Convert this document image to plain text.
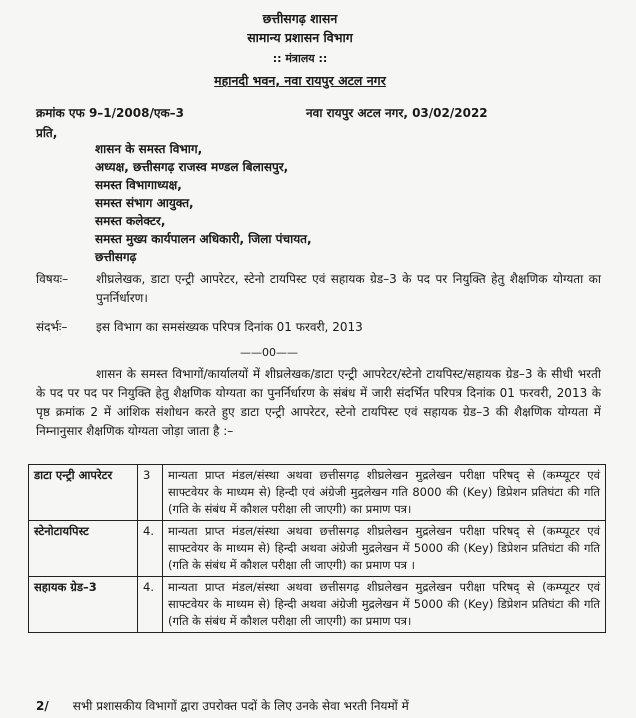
छत्तीसगढ़ शासन
सामान्य प्रशासन विभाग
:: मंत्रालय ::
महानदी भवन, नवा रायपुर अटल नगर
क्रमांक एफ 9–1/2008/एक–3	नवा रायपुर अटल नगर, 03/02/2022
प्रति,
शासन के समस्त विभाग,
अध्यक्ष, छत्तीसगढ़ राजस्व मण्डल बिलासपुर,
समस्त विभागाध्यक्ष,
समस्त संभाग आयुक्त,
समस्त कलेक्टर,
समस्त मुख्य कार्यपालन अधिकारी, जिला पंचायत,
छत्तीसगढ़
विषयः– शीघ्रलेखक, डाटा एन्ट्री आपरेटर, स्टेनो टायपिस्ट एवं सहायक ग्रेड–3 के पद पर नियुक्ति हेतु शैक्षणिक योग्यता का पुनर्निर्धारण।
संदर्भः– इस विभाग का समसंख्यक परिपत्र दिनांक 01 फरवरी, 2013
——00——
शासन के समस्त विभागों/कार्यालयों में शीघ्रलेखक/डाटा एन्ट्री आपरेटर/स्टेनो टायपिस्ट/सहायक ग्रेड–3 के सीधी भरती के पद पर पद पर नियुक्ति हेतु शैक्षणिक योग्यता का पुनर्निर्धारण के संबंध में जारी संदर्भित परिपत्र दिनांक 01 फरवरी, 2013 के पृष्ठ क्रमांक 2 में आंशिक संशोधन करते हुए डाटा एन्ट्री आपरेटर, स्टेनो टायपिस्ट एवं सहायक ग्रेड–3 की शैक्षणिक योग्यता में निम्नानुसार शैक्षणिक योग्यता जोड़ा जाता है :–
डाटा एन्ट्री आपरेटर	3	मान्यता प्राप्त मंडल/संस्था अथवा छत्तीसगढ़ शीघ्रलेखन मुद्रलेखन परीक्षा परिषद् से (कम्प्यूटर एवं साफ्टवेयर के माध्यम से) हिन्दी एवं अंग्रेजी मुद्रलेखन गति 8000 की (Key) डिप्रेशन प्रतिघंटा की गति (गति के संबंध में कौशल परीक्षा ली जाएगी) का प्रमाण पत्र।
स्टेनोटायपिस्ट	4.	मान्यता प्राप्त मंडल/संस्था अथवा छत्तीसगढ़ शीघ्रलेखन मुद्रलेखन परीक्षा परिषद् से (कम्प्यूटर एवं साफ्टवेयर के माध्यम से) हिन्दी अथवा अंग्रेजी मुद्रलेखन में 5000 की (Key) डिप्रेशन प्रतिघंटा की गति (गति के संबंध में कौशल परीक्षा ली जाएगी) का प्रमाण पत्र ।
सहायक ग्रेड–3	4.	मान्यता प्राप्त मंडल/संस्था अथवा छत्तीसगढ़ शीघ्रलेखन मुद्रलेखन परीक्षा परिषद् से (कम्प्यूटर एवं साफ्टवेयर के माध्यम से) हिन्दी अथवा अंग्रेजी मुद्रलेखन में 5000 की (Key) डिप्रेशन प्रतिघंटा की गति (गति के संबंध में कौशल परीक्षा ली जाएगी) का प्रमाण पत्र।
2/ सभी प्रशासकीय विभागों द्वारा उपरोक्त पदों के लिए उनके सेवा भरती नियमों में
